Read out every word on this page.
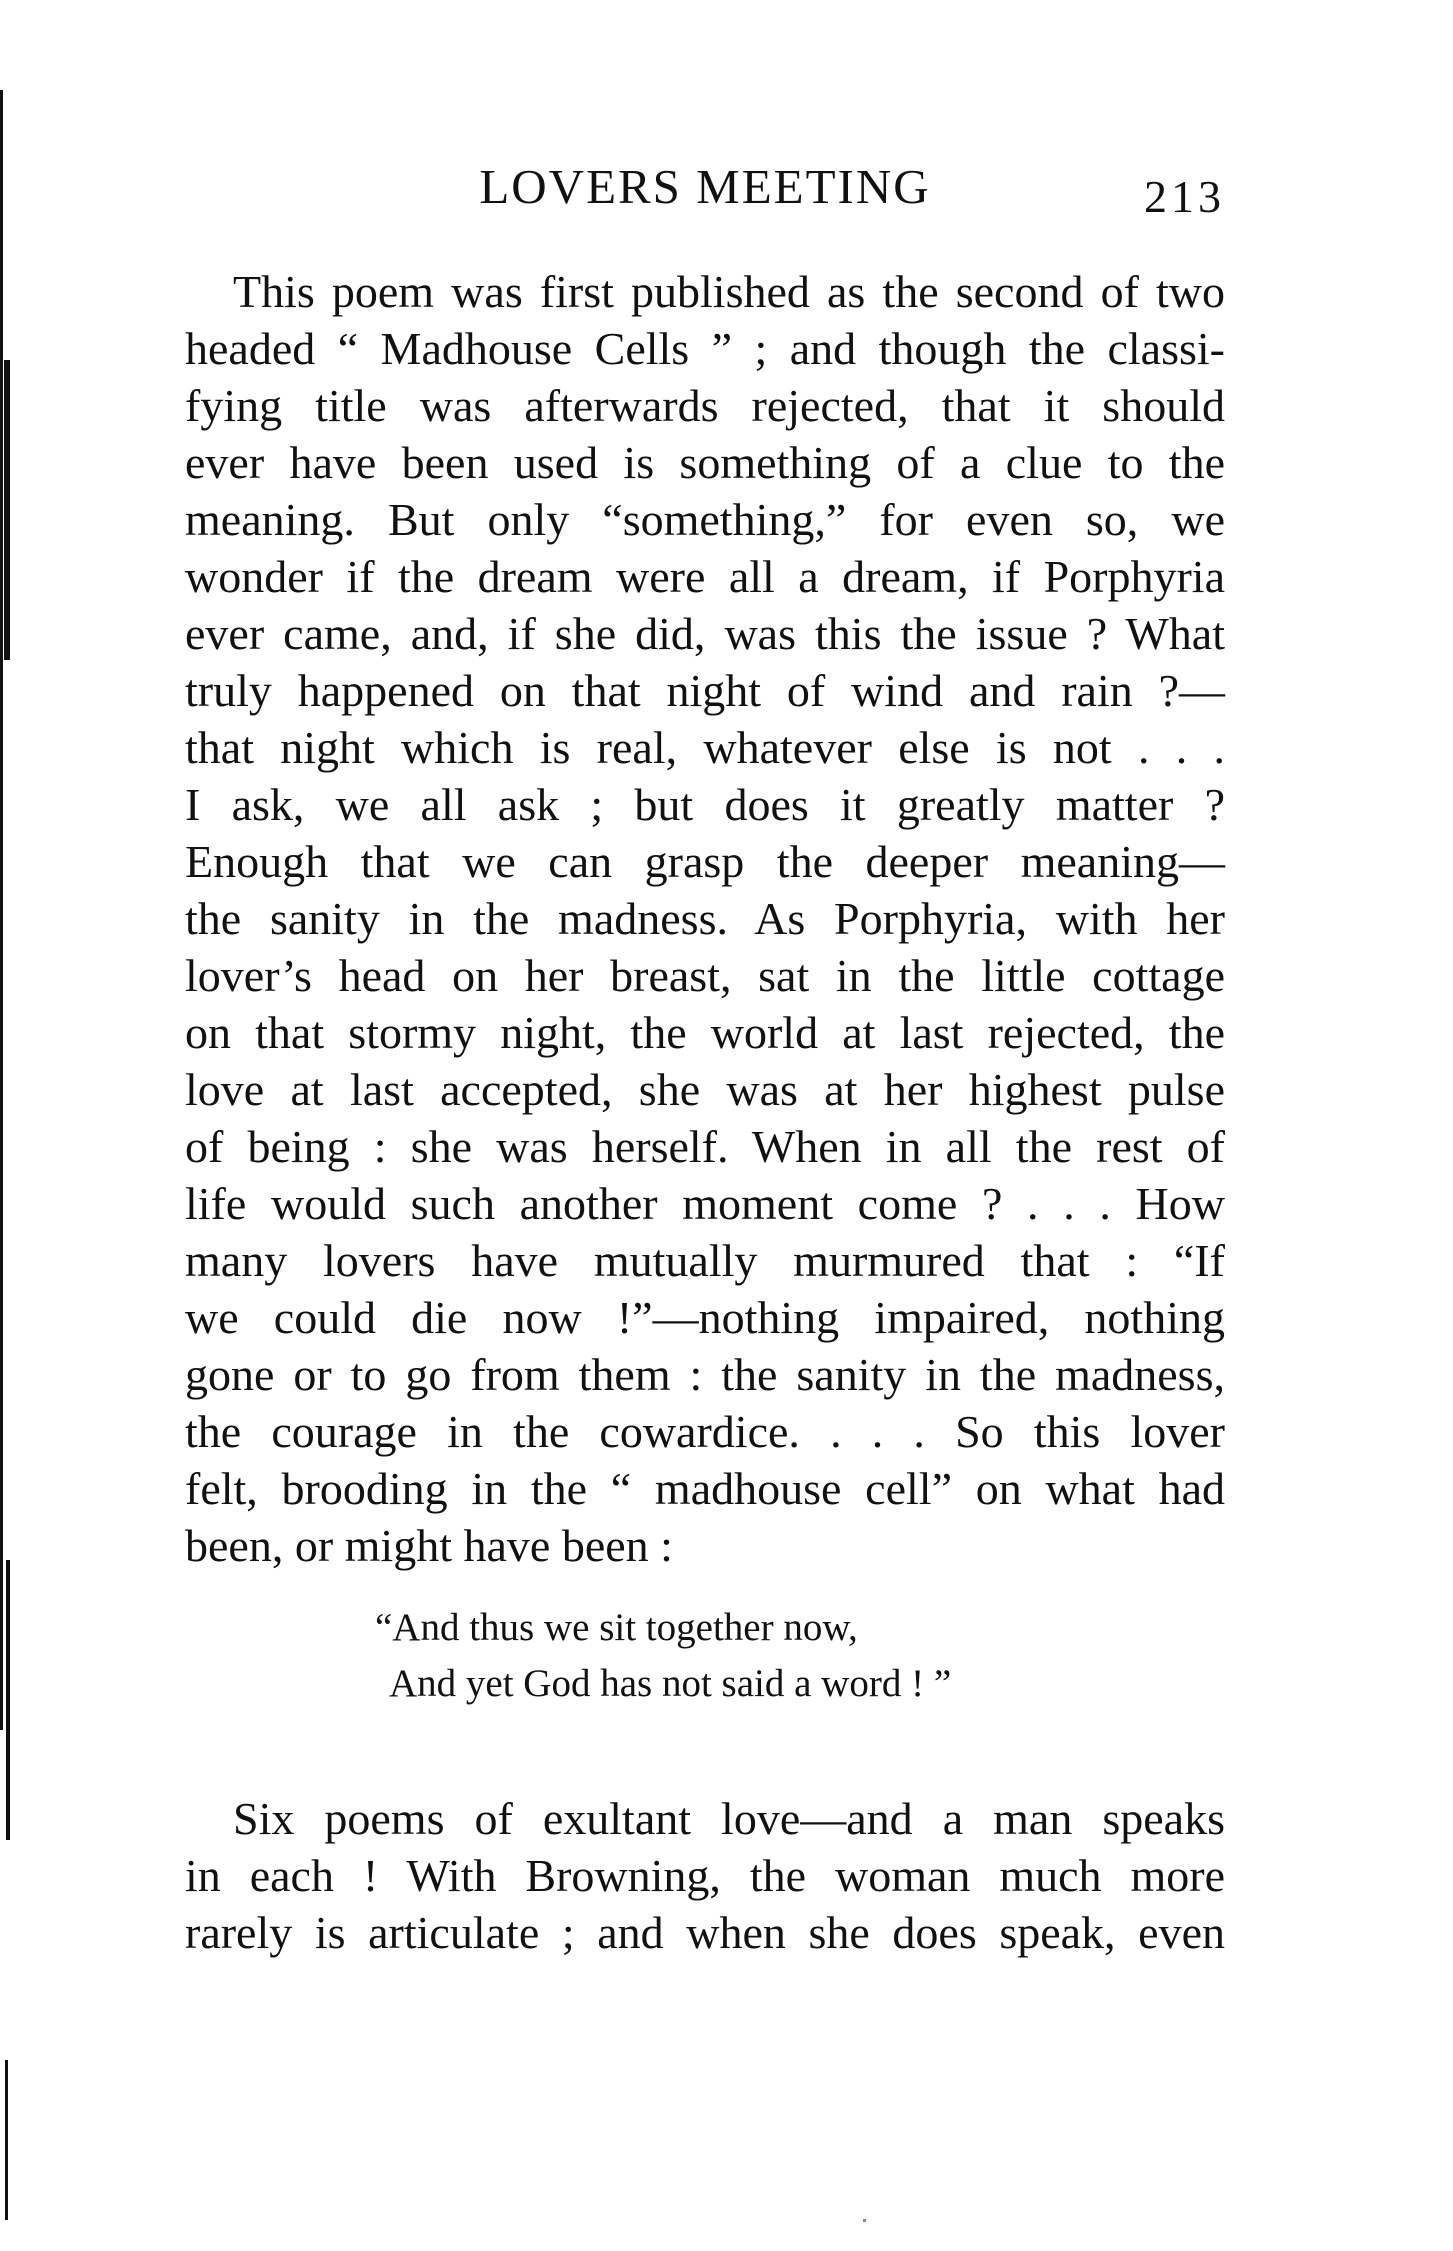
LOVERS MEETING	213
This poem was first published as the second of two
headed “ Madhouse Cells ” ; and though the classi-
fying title was afterwards rejected, that it should
ever have been used is something of a clue to the
meaning. But only “something,” for even so, we
wonder if the dream were all a dream, if Porphyria
ever came, and, if she did, was this the issue ? What
truly happened on that night of wind and rain ?—
that night which is real, whatever else is not . . .
I ask, we all ask ; but does it greatly matter ?
Enough that we can grasp the deeper meaning—
the sanity in the madness. As Porphyria, with her
lover’s head on her breast, sat in the little cottage
on that stormy night, the world at last rejected, the
love at last accepted, she was at her highest pulse
of being : she was herself. When in all the rest of
life would such another moment come ? . . . How
many lovers have mutually murmured that : “If
we could die now !”—nothing impaired, nothing
gone or to go from them : the sanity in the madness,
the courage in the cowardice. . . . So this lover
felt, brooding in the “ madhouse cell” on what had
been, or might have been :
“And thus we sit together now,
And yet God has not said a word ! ”
Six poems of exultant love—and a man speaks
in each ! With Browning, the woman much more
rarely is articulate ; and when she does speak, even
